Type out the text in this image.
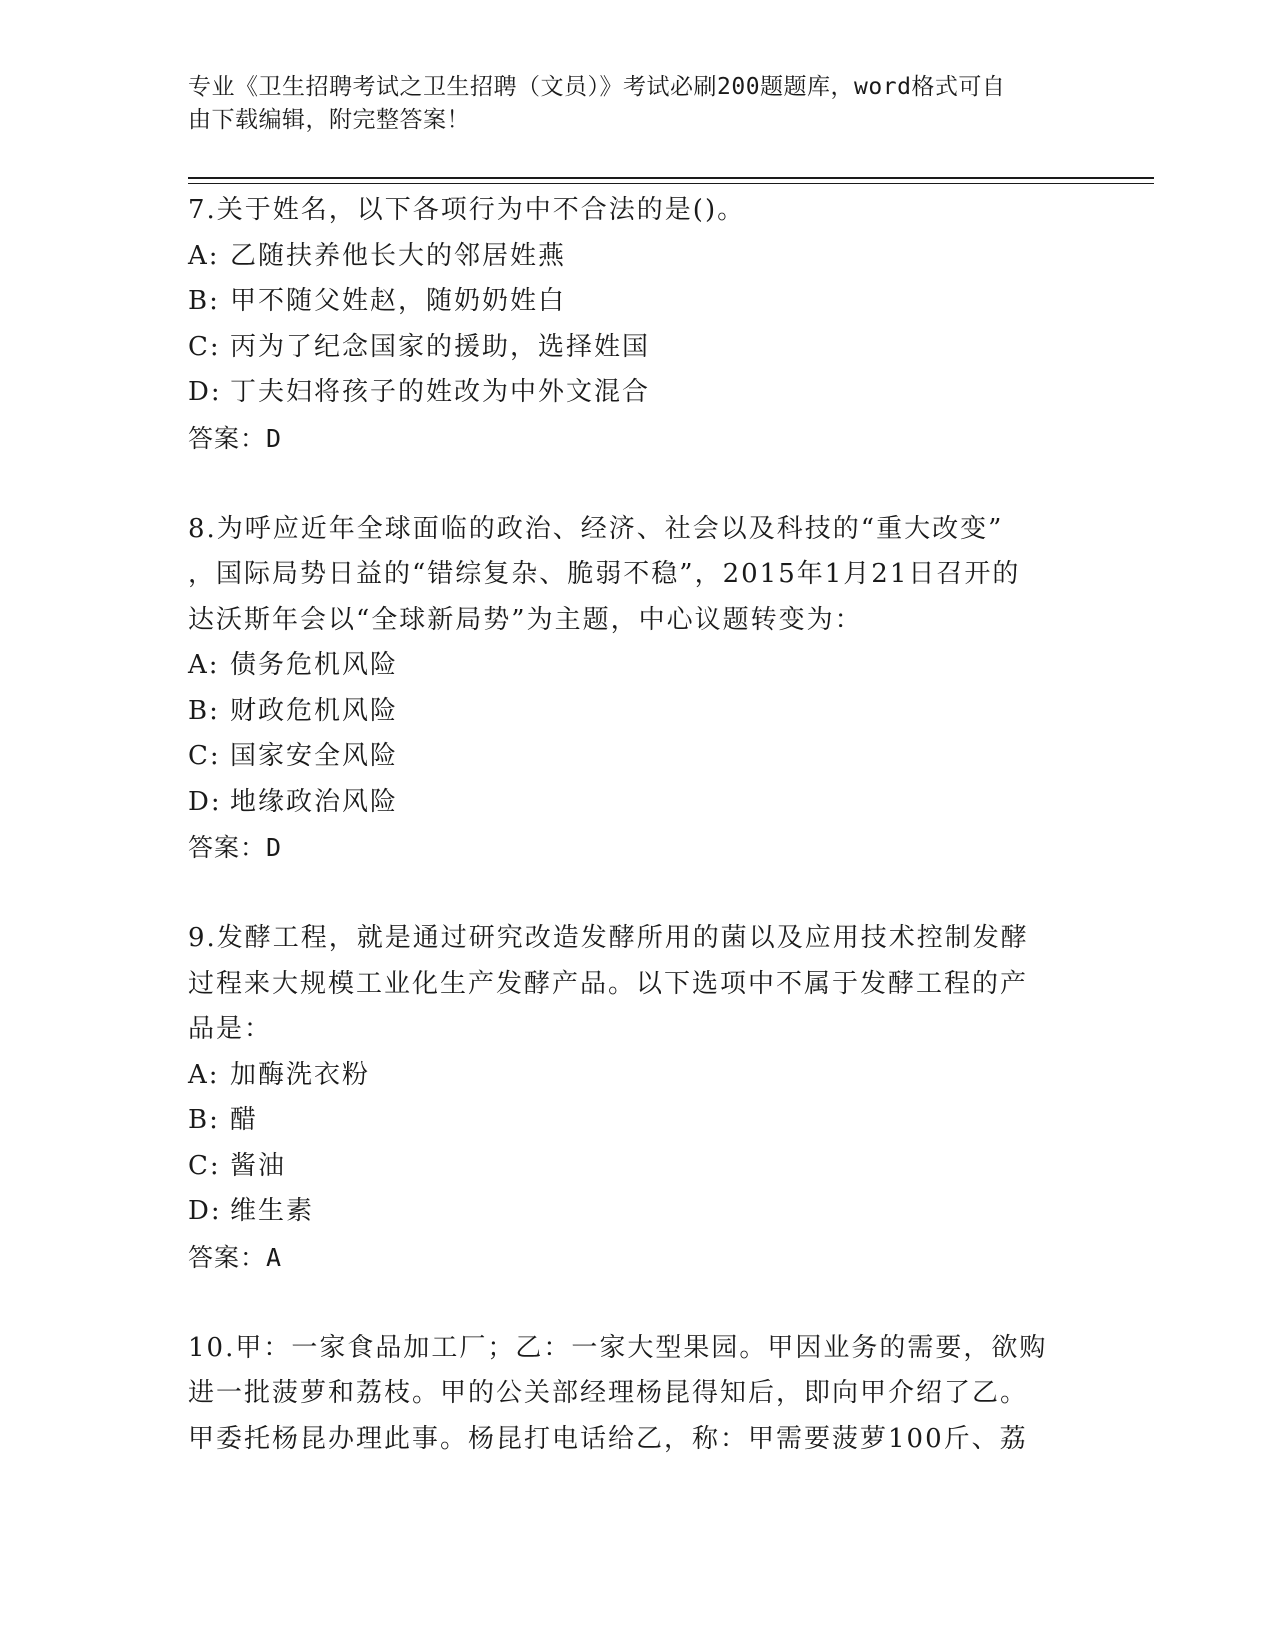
专业《卫生招聘考试之卫生招聘（文员）》考试必刷200题题库，word格式可自
由下载编辑，附完整答案！
7.关于姓名，以下各项行为中不合法的是()。
A: 乙随扶养他长大的邻居姓燕
B: 甲不随父姓赵，随奶奶姓白
C: 丙为了纪念国家的援助，选择姓国
D: 丁夫妇将孩子的姓改为中外文混合
答案：D
8.为呼应近年全球面临的政治、经济、社会以及科技的“重大改变”
，国际局势日益的“错综复杂、脆弱不稳”，2015年1月21日召开的
达沃斯年会以“全球新局势”为主题，中心议题转变为：
A: 债务危机风险
B: 财政危机风险
C: 国家安全风险
D: 地缘政治风险
答案：D
9.发酵工程，就是通过研究改造发酵所用的菌以及应用技术控制发酵
过程来大规模工业化生产发酵产品。以下选项中不属于发酵工程的产
品是：
A: 加酶洗衣粉
B: 醋
C: 酱油
D: 维生素
答案：A
10.甲：一家食品加工厂；乙：一家大型果园。甲因业务的需要，欲购
进一批菠萝和荔枝。甲的公关部经理杨昆得知后，即向甲介绍了乙。
甲委托杨昆办理此事。杨昆打电话给乙，称：甲需要菠萝100斤、荔
